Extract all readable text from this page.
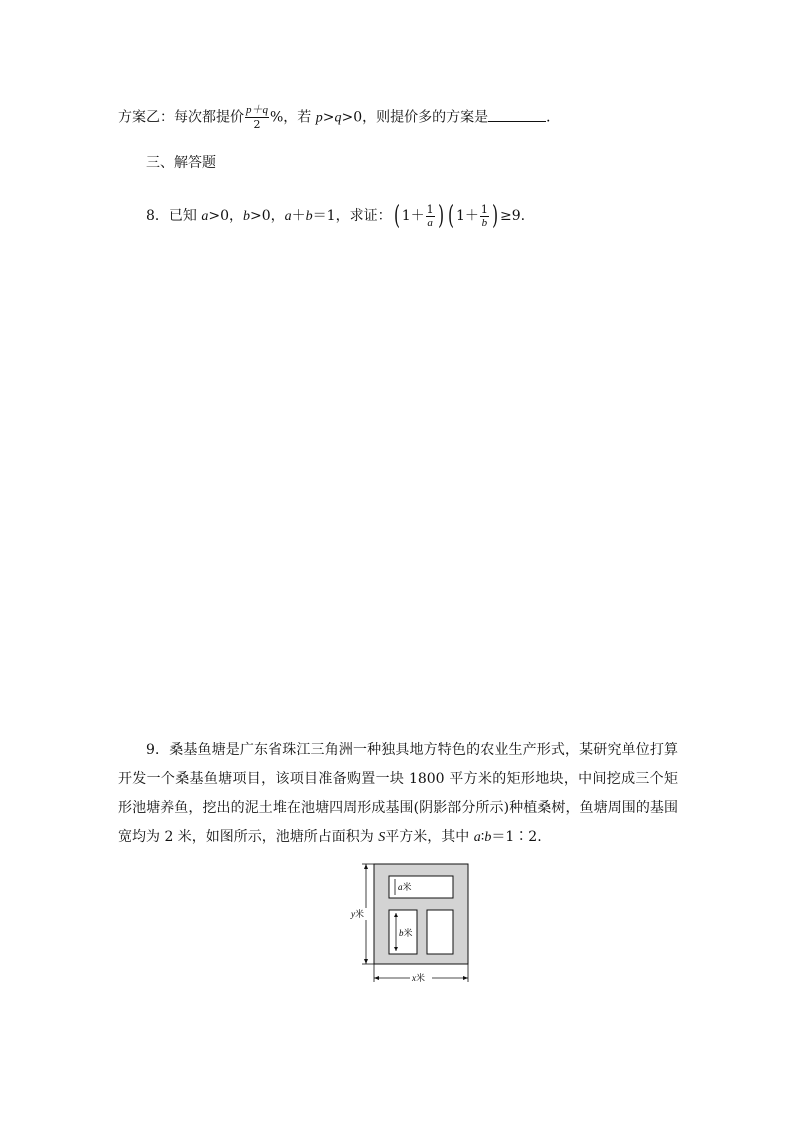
方案乙：每次都提价 $\frac{p+q}{2}$ %，若 p>q>0，则提价多的方案是	．
三、解答题
8．已知 a>0，b>0，a＋b＝1，求证：( $1+ \frac{1}{a}$ ) ( $1+ \frac{1}{b}$ ) ≥9.
9．桑基鱼塘是广东省珠江三角洲一种独具地方特色的农业生产形式，某研究单位打算开发一个桑基鱼塘项目，该项目准备购置一块 1800 平方米的矩形地块，中间挖成三个矩形池塘养鱼，挖出的泥土堆在池塘四周形成基围(阴影部分所示)种植桑树，鱼塘周围的基围宽均为 2 米，如图所示，池塘所占面积为 S平方米，其中 a∶b＝1∶2.
a米
b米
y米
x米
